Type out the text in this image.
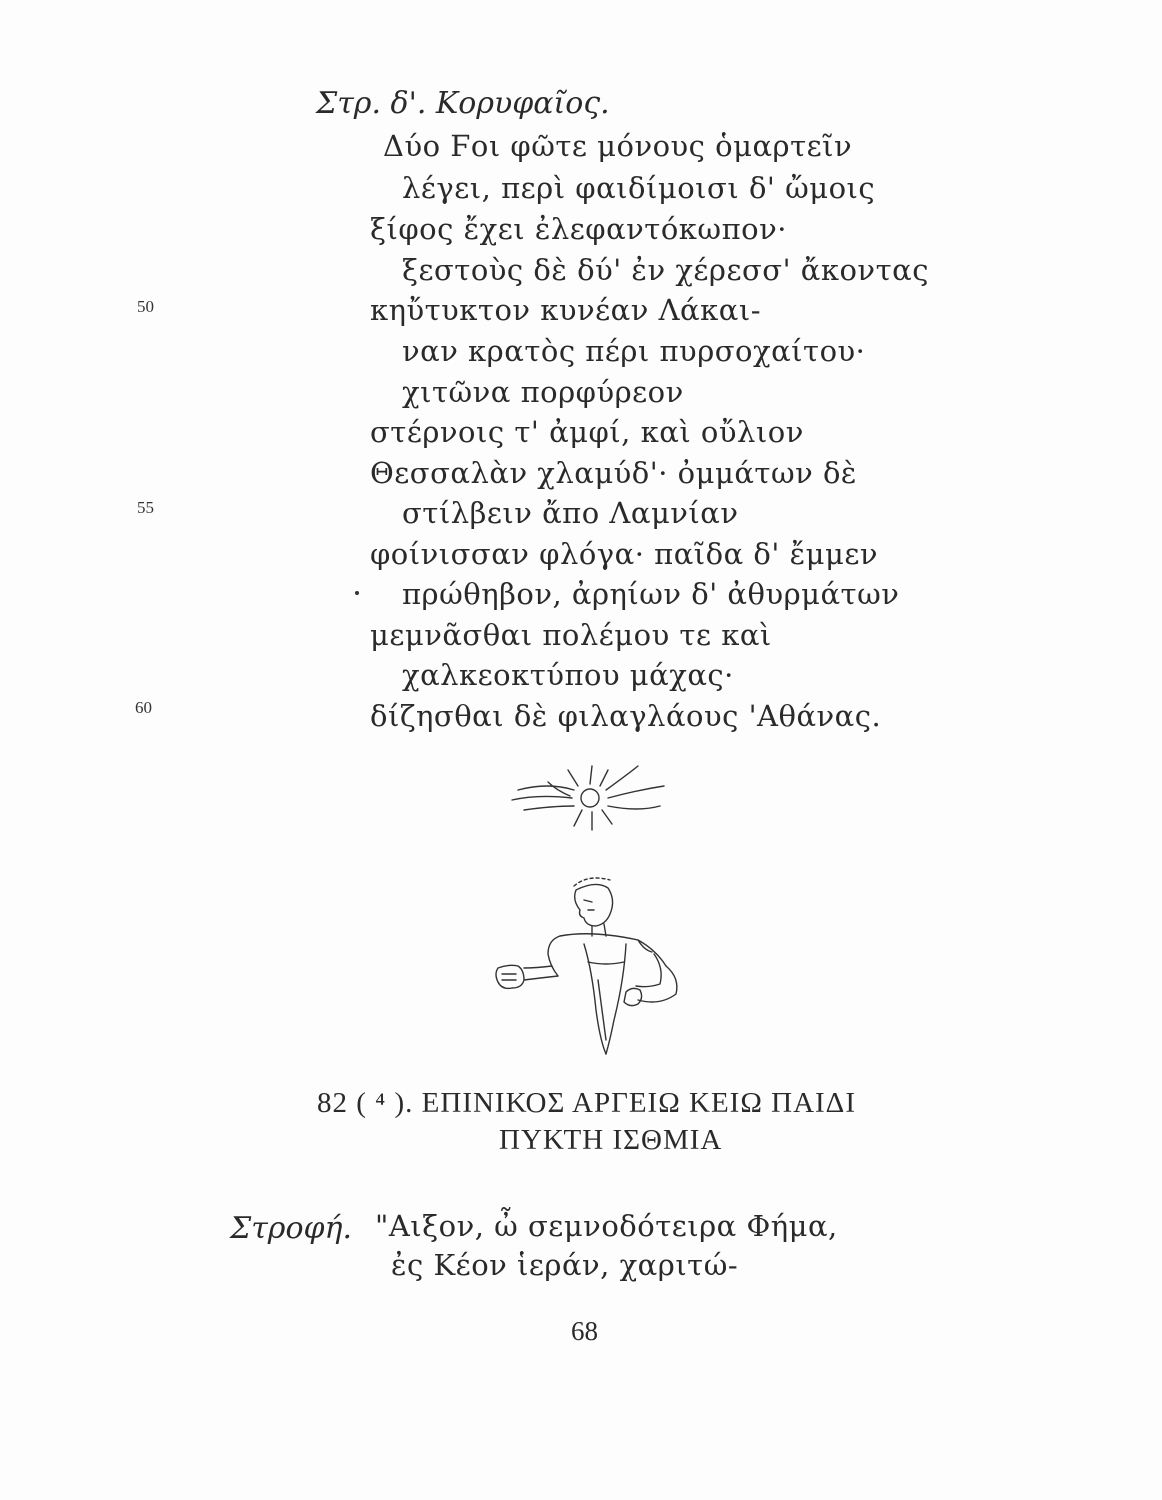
Στρ. δ'. Κορυφαῖος.
Δύο Ϝοι φῶτε μόνους ὁμαρτεῖν
λέγει, περὶ φαιδίμοισι δ' ὤμοις
ξίφος ἔχει ἐλεφαντόκωπον·
ξεστοὺς δὲ δύ' ἐν χέρεσσ' ἄκοντας
κηὔτυκτον κυνέαν Λάκαι-
ναν κρατὸς πέρι πυρσοχαίτου·
χιτῶνα πορφύρεον
στέρνοις τ' ἀμφί, καὶ οὔλιον
Θεσσαλὰν χλαμύδ'· ὀμμάτων δὲ
στίλβειν ἄπο Λαμνίαν
φοίνισσαν φλόγα· παῖδα δ' ἔμμεν
πρώθηβον, ἀρηίων δ' ἀθυρμάτων
μεμνᾶσθαι πολέμου τε καὶ
χαλκεοκτύπου μάχας·
δίζησθαι δὲ φιλαγλάους 'Αθάνας.
50
55
60
82 ( ⁴ ). ΕΠΙΝΙΚΟΣ ΑΡΓΕΙΩ ΚΕΙΩ ΠΑΙΔΙ
ΠΥΚΤΗ ΙΣΘΜΙΑ
Στροφή. "Αιξον, ὦ σεμνοδότειρα Φήμα,
ἐς Κέον ἱεράν, χαριτώ-
68
